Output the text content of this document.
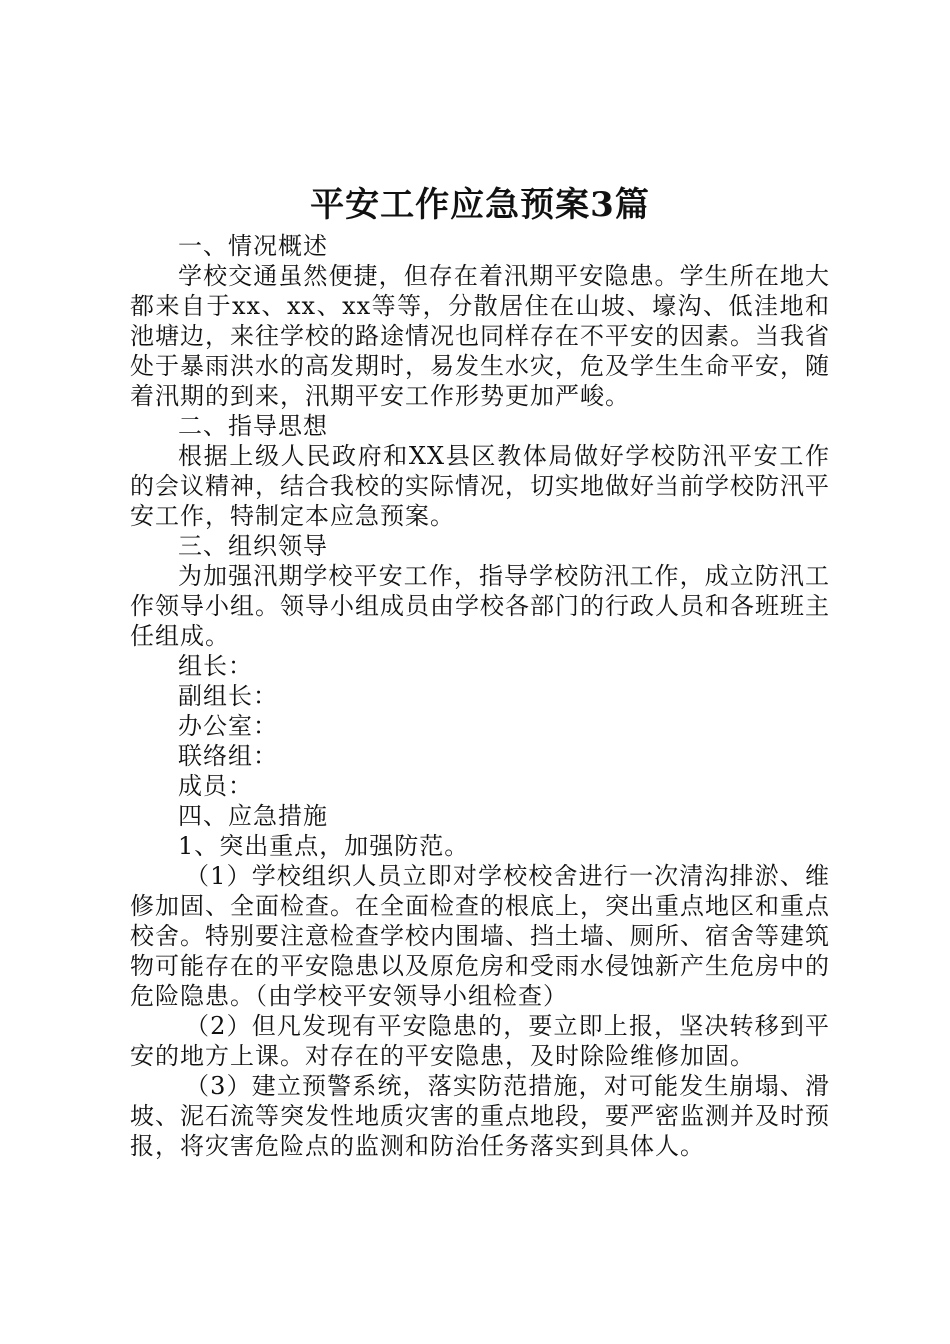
平安工作应急预案3篇

一、情况概述

学校交通虽然便捷，但存在着汛期平安隐患。学生所在地大都来自于xx、xx、xx等等，分散居住在山坡、壕沟、低洼地和池塘边，来往学校的路途情况也同样存在不平安的因素。当我省处于暴雨洪水的高发期时，易发生水灾，危及学生生命平安，随着汛期的到来，汛期平安工作形势更加严峻。

二、指导思想

根据上级人民政府和XX县区教体局做好学校防汛平安工作的会议精神，结合我校的实际情况，切实地做好当前学校防汛平安工作，特制定本应急预案。

三、组织领导

为加强汛期学校平安工作，指导学校防汛工作，成立防汛工作领导小组。领导小组成员由学校各部门的行政人员和各班班主任组成。

组长：

副组长：

办公室：

联络组：

成员：

四、应急措施

1、突出重点，加强防范。

（1）学校组织人员立即对学校校舍进行一次清沟排淤、维修加固、全面检查。在全面检查的根底上，突出重点地区和重点校舍。特别要注意检查学校内围墙、挡土墙、厕所、宿舍等建筑物可能存在的平安隐患以及原危房和受雨水侵蚀新产生危房中的危险隐患。（由学校平安领导小组检查）

（2）但凡发现有平安隐患的，要立即上报，坚决转移到平安的地方上课。对存在的平安隐患，及时除险维修加固。

（3）建立预警系统，落实防范措施，对可能发生崩塌、滑坡、泥石流等突发性地质灾害的重点地段，要严密监测并及时预报，将灾害危险点的监测和防治任务落实到具体人。
